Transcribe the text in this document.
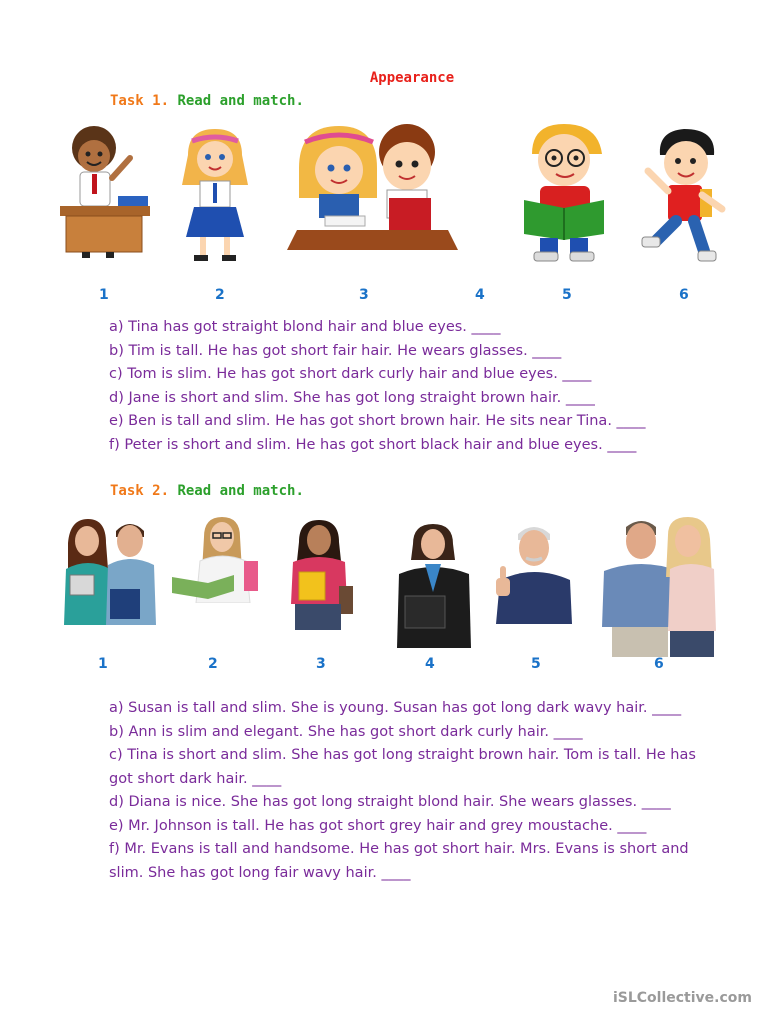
Appearance
Task 1. Read and match.
1	2	3	4	5	6
a) Tina has got straight blond hair and blue eyes. ____
b) Tim is tall. He has got short fair hair. He wears glasses. ____
c) Tom is slim. He has got short dark curly hair and blue eyes. ____
d) Jane is short and slim. She has got long straight brown hair. ____
e) Ben is tall and slim. He has got short brown hair. He sits near Tina. ____
f) Peter is short and slim. He has got short black hair and blue eyes. ____
Task 2. Read and match.
1	2	3	4	5	6
a) Susan is tall and slim. She is young. Susan has got long dark wavy hair. ____
b) Ann is slim and elegant. She has got short dark curly hair. ____
c) Tina is short and slim. She has got long straight brown hair. Tom is tall. He has got short dark hair. ____
d) Diana is nice. She has got long straight blond hair. She wears glasses. ____
e) Mr. Johnson is tall. He has got short grey hair and grey moustache. ____
f) Mr. Evans is tall and handsome. He has got short hair. Mrs. Evans is short and slim. She has got long fair wavy hair. ____
iSLCollective.com
